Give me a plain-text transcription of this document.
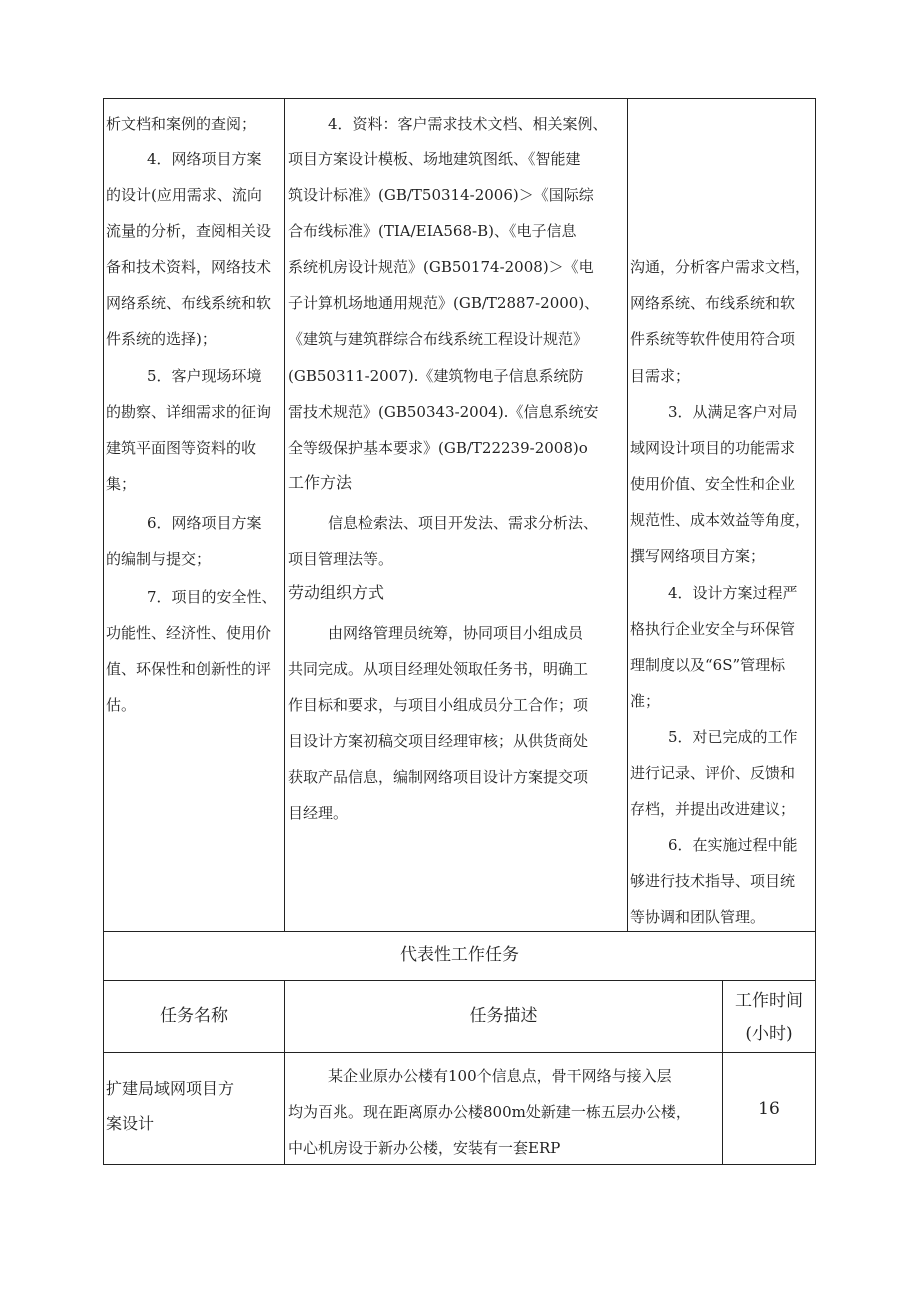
析文档和案例的查阅；
4．网络项目方案
的设计(应用需求、流向
流量的分析，查阅相关设
备和技术资料，网络技术
网络系统、布线系统和软
件系统的选择)；
5．客户现场环境
的勘察、详细需求的征询
建筑平面图等资料的收
集；
6．网络项目方案
的编制与提交；
7．项目的安全性、
功能性、经济性、使用价
值、环保性和创新性的评
估。
4．资料：客户需求技术文档、相关案例、
项目方案设计模板、场地建筑图纸、《智能建
筑设计标准》(GB/T50314-2006)＞《国际综
合布线标准》(TIA/EIA568-B)、《电子信息
系统机房设计规范》(GB50174-2008)＞《电
子计算机场地通用规范》(GB/T2887-2000)、
《建筑与建筑群综合布线系统工程设计规范》
(GB50311-2007).《建筑物电子信息系统防
雷技术规范》(GB50343-2004).《信息系统安
全等级保护基本要求》(GB/T22239-2008)o
工作方法
信息检索法、项目开发法、需求分析法、
项目管理法等。
劳动组织方式
由网络管理员统筹，协同项目小组成员
共同完成。从项目经理处领取任务书，明确工
作目标和要求，与项目小组成员分工合作；项
目设计方案初稿交项目经理审核；从供货商处
获取产品信息，编制网络项目设计方案提交项
目经理。
沟通，分析客户需求文档，
网络系统、布线系统和软
件系统等软件使用符合项
目需求；
3．从满足客户对局
域网设计项目的功能需求
使用价值、安全性和企业
规范性、成本效益等角度，
撰写网络项目方案；
4．设计方案过程严
格执行企业安全与环保管
理制度以及“6S”管理标
准；
5．对已完成的工作
进行记录、评价、反馈和
存档，并提出改进建议；
6．在实施过程中能
够进行技术指导、项目统
等协调和团队管理。
代表性工作任务
任务名称	任务描述
工作时间
(小时)
扩建局域网项目方
案设计
某企业原办公楼有100个信息点，骨干网络与接入层
均为百兆。现在距离原办公楼800m处新建一栋五层办公楼，
中心机房设于新办公楼，安装有一套ERP
16
